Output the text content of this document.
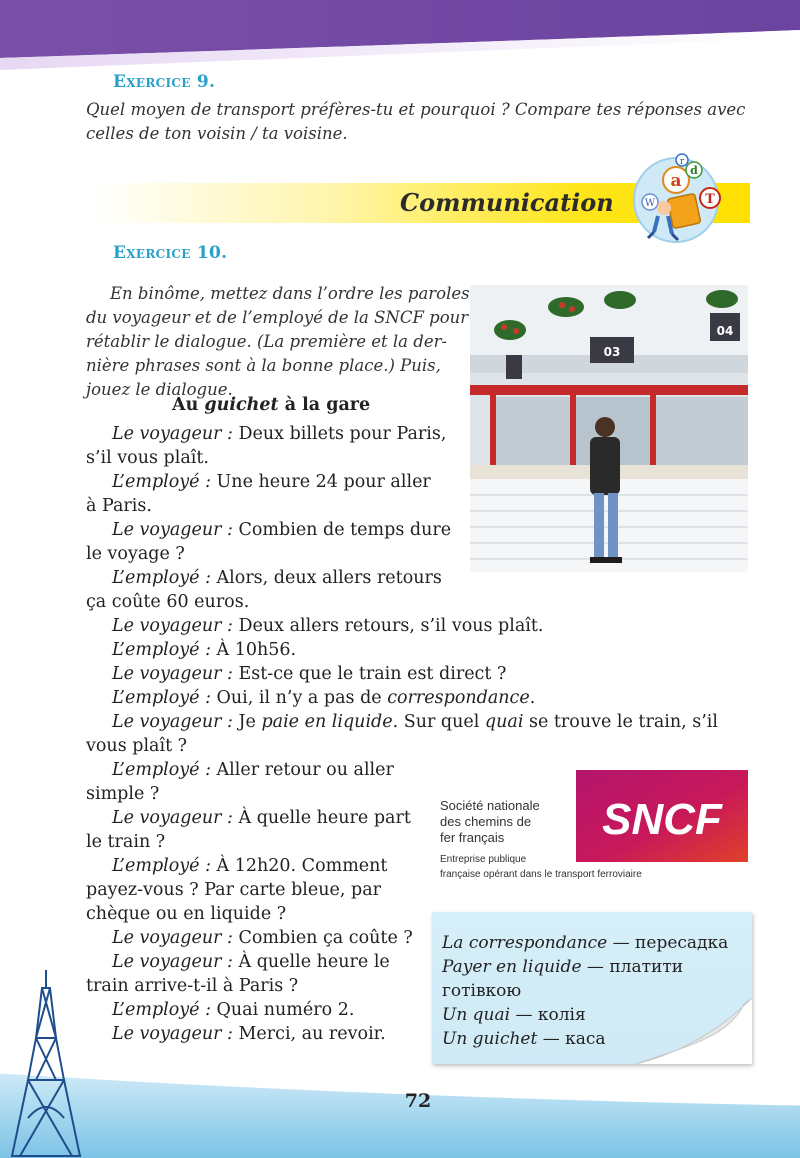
Exercice 9.
Quel moyen de transport préfères-tu et pourquoi ? Compare tes réponses avec
celles de ton voisin / ta voisine.
Communication
a
d
r
T
W
Exercice 10.
En binôme, mettez dans l’ordre les paroles
du voyageur et de l’employé de la SNCF pour
rétablir le dialogue. (La première et la der-
nière phrases sont à la bonne place.) Puis,
jouez le dialogue.
Au guichet à la gare
Le voyageur : Deux billets pour Paris,
s’il vous plaît.
L’employé : Une heure 24 pour aller
à Paris.
Le voyageur : Combien de temps dure
le voyage ?
L’employé : Alors, deux allers retours
ça coûte 60 euros.
Le voyageur : Deux allers retours, s’il vous plaît.
L’employé : À 10h56.
Le voyageur : Est-ce que le train est direct ?
L’employé : Oui, il n’y a pas de correspondance.
Le voyageur : Je paie en liquide. Sur quel quai se trouve le train, s’il
vous plaît ?
L’employé : Aller retour ou aller
simple ?
Le voyageur : À quelle heure part
le train ?
L’employé : À 12h20. Comment
payez-vous ? Par carte bleue, par
chèque ou en liquide ?
Le voyageur : Combien ça coûte ?
Le voyageur : À quelle heure le
train arrive-t-il à Paris ?
L’employé : Quai numéro 2.
Le voyageur : Merci, au revoir.
03
04
Société nationale
des chemins de
fer français
Entreprise publique
française opérant dans le transport ferroviaire
SNCF
La correspondance — пересадка
Payer en liquide — платити
готівкою
Un quai — колія
Un guichet — каса
72
